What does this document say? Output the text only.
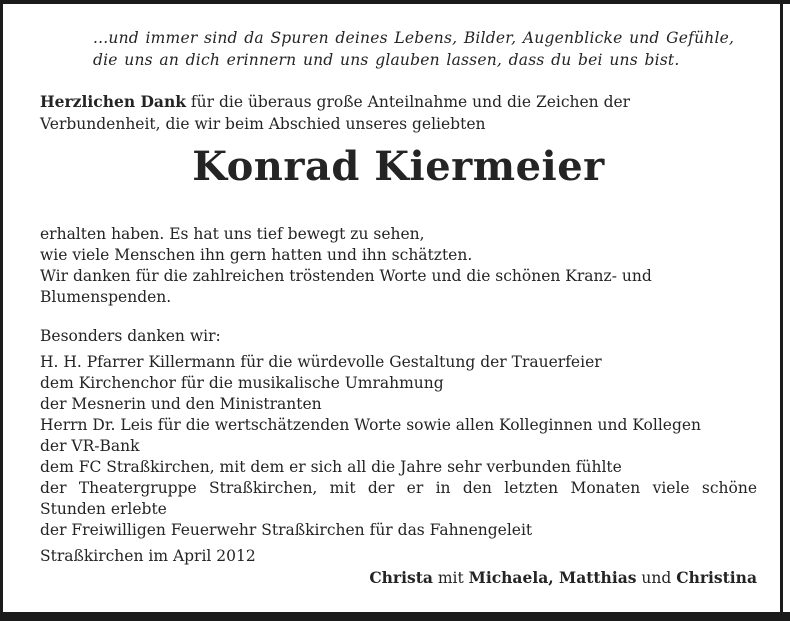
...und immer sind da Spuren deines Lebens, Bilder, Augenblicke und Gefühle,
die uns an dich erinnern und uns glauben lassen, dass du bei uns bist.
Herzlichen Dank für die überaus große Anteilnahme und die Zeichen der
Verbundenheit, die wir beim Abschied unseres geliebten
Konrad Kiermeier
erhalten haben. Es hat uns tief bewegt zu sehen,
wie viele Menschen ihn gern hatten und ihn schätzten.
Wir danken für die zahlreichen tröstenden Worte und die schönen Kranz- und
Blumenspenden.
Besonders danken wir:
H. H. Pfarrer Killermann für die würdevolle Gestaltung der Trauerfeier
dem Kirchenchor für die musikalische Umrahmung
der Mesnerin und den Ministranten
Herrn Dr. Leis für die wertschätzenden Worte sowie allen Kolleginnen und Kollegen
der VR-Bank
dem FC Straßkirchen, mit dem er sich all die Jahre sehr verbunden fühlte
der Theatergruppe Straßkirchen, mit der er in den letzten Monaten viele schöne
Stunden erlebte
der Freiwilligen Feuerwehr Straßkirchen für das Fahnengeleit
Straßkirchen im April 2012
Christa mit Michaela, Matthias und Christina
